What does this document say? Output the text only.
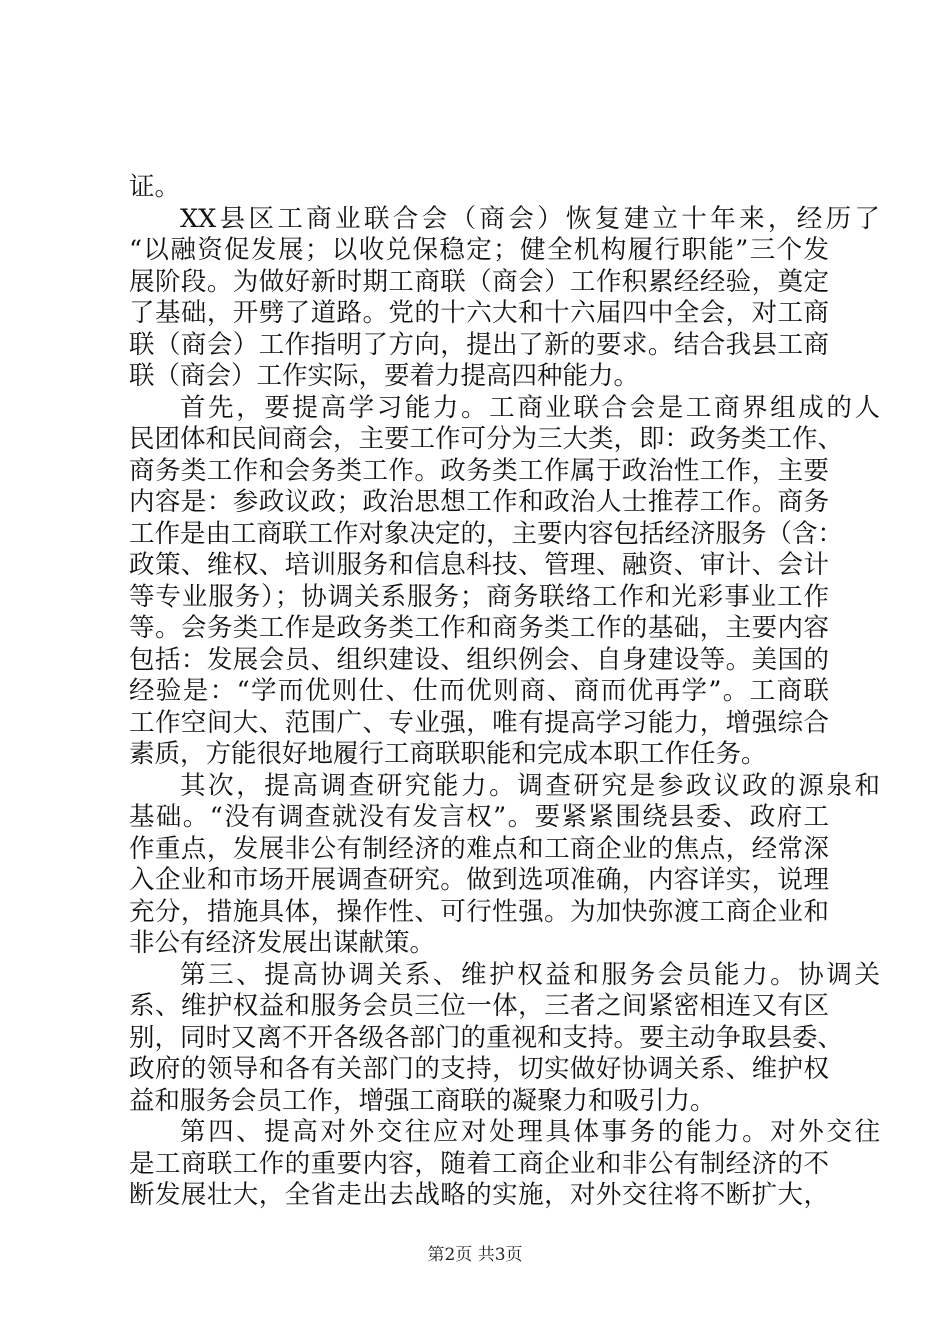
证。
XX县区工商业联合会（商会）恢复建立十年来，经历了
“以融资促发展；以收兑保稳定；健全机构履行职能”三个发
展阶段。为做好新时期工商联（商会）工作积累经经验，奠定
了基础，开劈了道路。党的十六大和十六届四中全会，对工商
联（商会）工作指明了方向，提出了新的要求。结合我县工商
联（商会）工作实际，要着力提高四种能力。
首先，要提高学习能力。工商业联合会是工商界组成的人
民团体和民间商会，主要工作可分为三大类，即：政务类工作、
商务类工作和会务类工作。政务类工作属于政治性工作，主要
内容是：参政议政；政治思想工作和政治人士推荐工作。商务
工作是由工商联工作对象决定的，主要内容包括经济服务（含：
政策、维权、培训服务和信息科技、管理、融资、审计、会计
等专业服务）；协调关系服务；商务联络工作和光彩事业工作
等。会务类工作是政务类工作和商务类工作的基础，主要内容
包括：发展会员、组织建设、组织例会、自身建设等。美国的
经验是：“学而优则仕、仕而优则商、商而优再学”。工商联
工作空间大、范围广、专业强，唯有提高学习能力，增强综合
素质，方能很好地履行工商联职能和完成本职工作任务。
其次，提高调查研究能力。调查研究是参政议政的源泉和
基础。“没有调查就没有发言权”。要紧紧围绕县委、政府工
作重点，发展非公有制经济的难点和工商企业的焦点，经常深
入企业和市场开展调查研究。做到选项准确，内容详实，说理
充分，措施具体，操作性、可行性强。为加快弥渡工商企业和
非公有经济发展出谋献策。
第三、提高协调关系、维护权益和服务会员能力。协调关
系、维护权益和服务会员三位一体，三者之间紧密相连又有区
别，同时又离不开各级各部门的重视和支持。要主动争取县委、
政府的领导和各有关部门的支持，切实做好协调关系、维护权
益和服务会员工作，增强工商联的凝聚力和吸引力。
第四、提高对外交往应对处理具体事务的能力。对外交往
是工商联工作的重要内容，随着工商企业和非公有制经济的不
断发展壮大，全省走出去战略的实施，对外交往将不断扩大，
第2页 共3页
